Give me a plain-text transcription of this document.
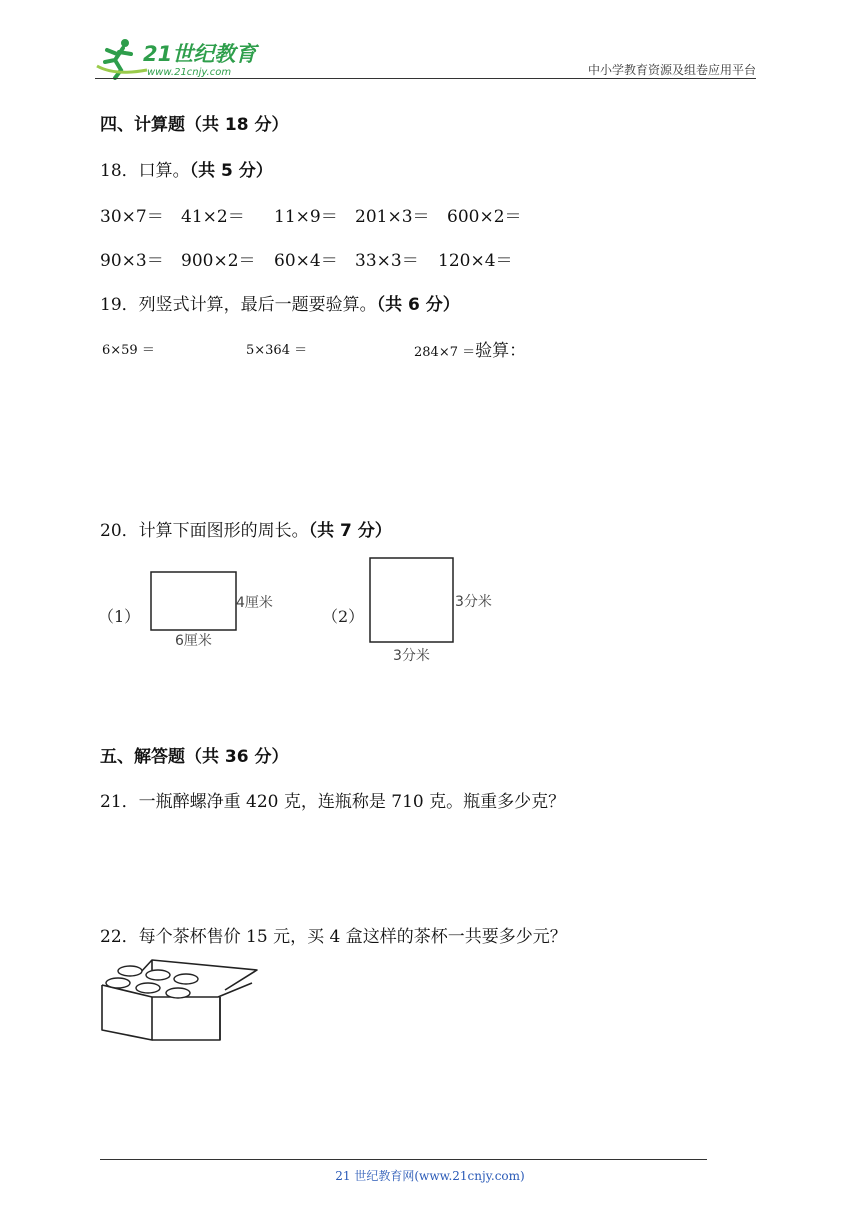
21世纪教育
www.21cnjy.com	中小学教育资源及组卷应用平台
四、计算题（共 18 分）
18．口算。（共 5 分）
30×7＝ 41×2＝ 11×9＝ 201×3＝ 600×2＝
90×3＝ 900×2＝ 60×4＝ 33×3＝ 120×4＝
19．列竖式计算，最后一题要验算。（共 6 分）
6×59 ＝	5×364 ＝	284×7 ＝验算：
20．计算下面图形的周长。（共 7 分）
（1）
4厘米
6厘米
（2）
3分米
3分米
五、解答题（共 36 分）
21．一瓶醉螺净重 420 克，连瓶称是 710 克。瓶重多少克？
22．每个茶杯售价 15 元，买 4 盒这样的茶杯一共要多少元？
21 世纪教育网(www.21cnjy.com)
